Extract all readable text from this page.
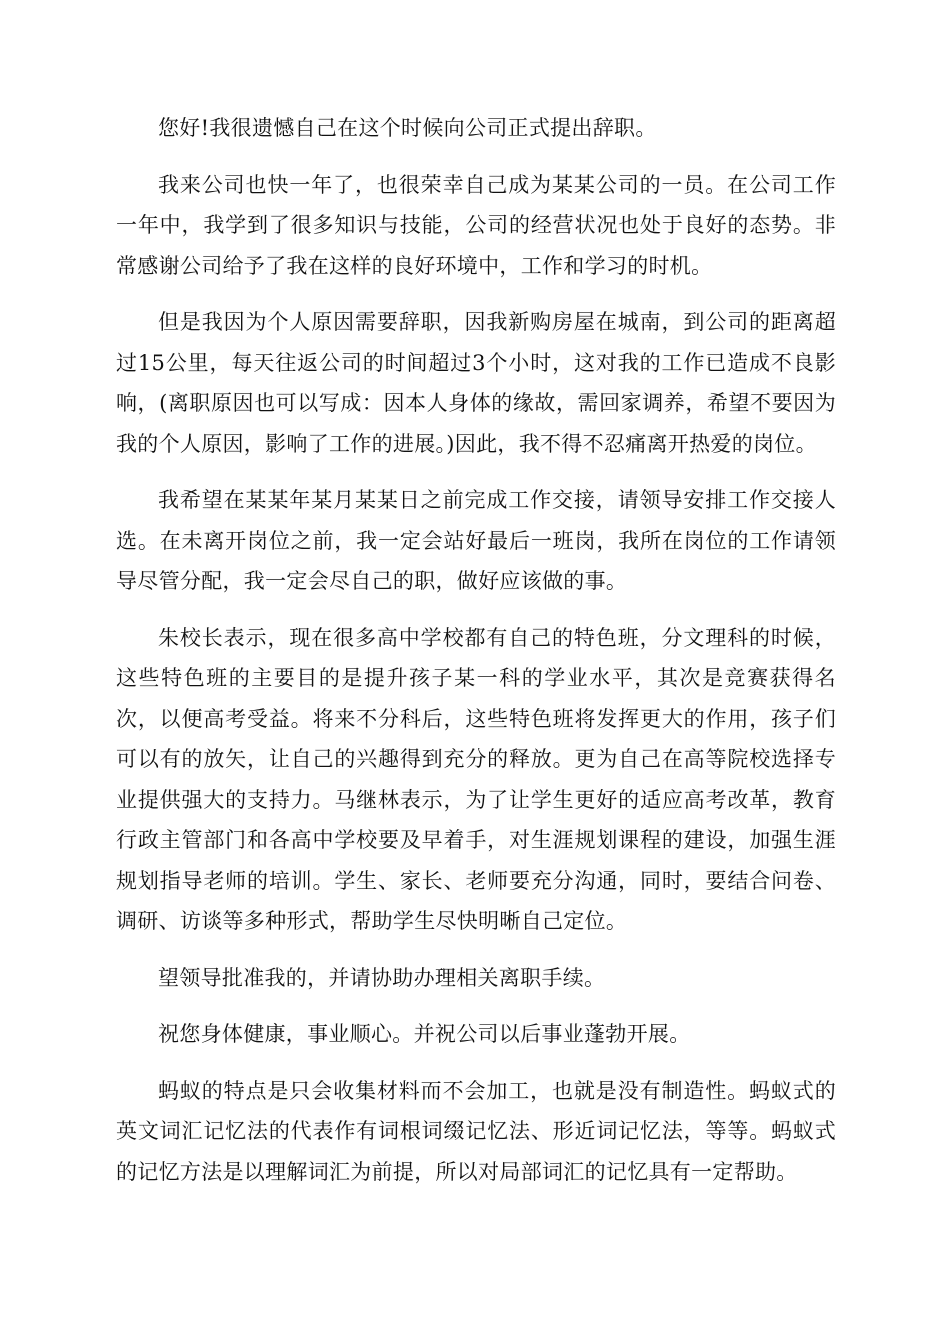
您好!我很遗憾自己在这个时候向公司正式提出辞职。

我来公司也快一年了，也很荣幸自己成为某某公司的一员。在公司工作一年中，我学到了很多知识与技能，公司的经营状况也处于良好的态势。非常感谢公司给予了我在这样的良好环境中，工作和学习的时机。

但是我因为个人原因需要辞职，因我新购房屋在城南，到公司的距离超过15公里，每天往返公司的时间超过3个小时，这对我的工作已造成不良影响，(离职原因也可以写成：因本人身体的缘故，需回家调养，希望不要因为我的个人原因，影响了工作的进展。)因此，我不得不忍痛离开热爱的岗位。

我希望在某某年某月某某日之前完成工作交接，请领导安排工作交接人选。在未离开岗位之前，我一定会站好最后一班岗，我所在岗位的工作请领导尽管分配，我一定会尽自己的职，做好应该做的事。

朱校长表示，现在很多高中学校都有自己的特色班，分文理科的时候，这些特色班的主要目的是提升孩子某一科的学业水平，其次是竞赛获得名次，以便高考受益。将来不分科后，这些特色班将发挥更大的作用，孩子们可以有的放矢，让自己的兴趣得到充分的释放。更为自己在高等院校选择专业提供强大的支持力。马继林表示，为了让学生更好的适应高考改革，教育行政主管部门和各高中学校要及早着手，对生涯规划课程的建设，加强生涯规划指导老师的培训。学生、家长、老师要充分沟通，同时，要结合问卷、调研、访谈等多种形式，帮助学生尽快明晰自己定位。

望领导批准我的，并请协助办理相关离职手续。

祝您身体健康，事业顺心。并祝公司以后事业蓬勃开展。

蚂蚁的特点是只会收集材料而不会加工，也就是没有制造性。蚂蚁式的英文词汇记忆法的代表作有词根词缀记忆法、形近词记忆法，等等。蚂蚁式的记忆方法是以理解词汇为前提，所以对局部词汇的记忆具有一定帮助。
